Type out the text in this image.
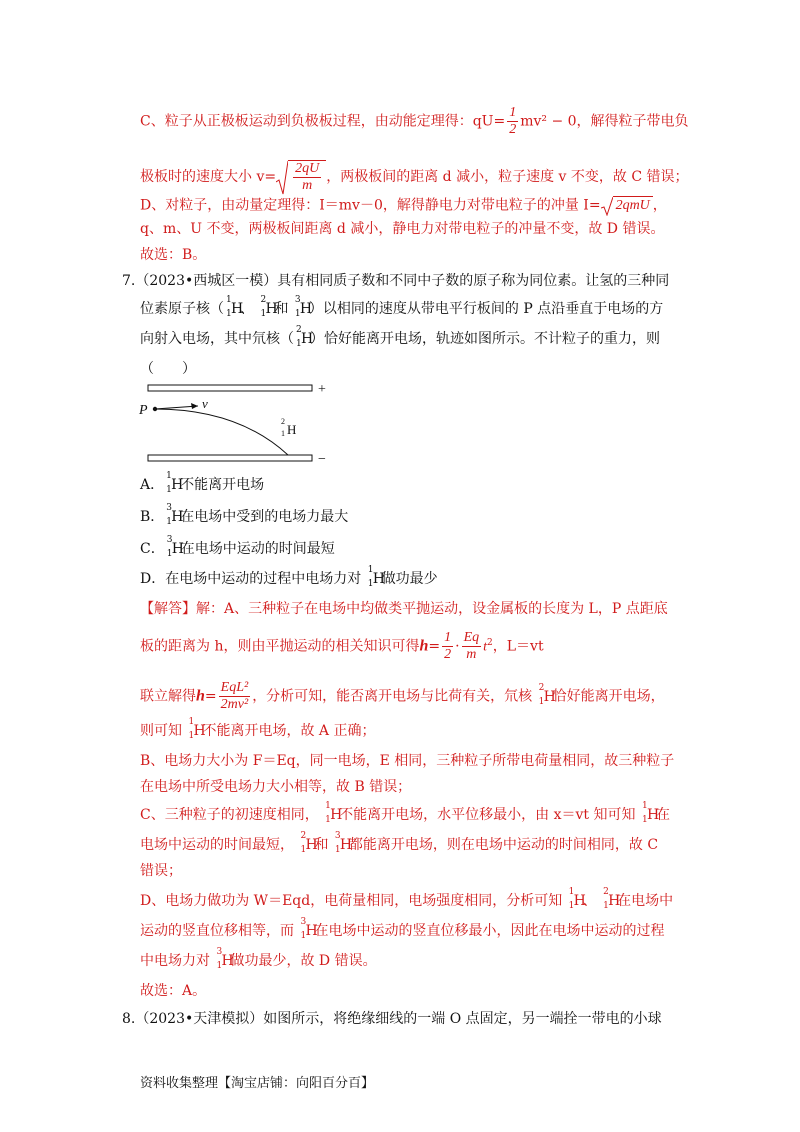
C、粒子从正极板运动到负极板过程，由动能定理得：$qU= \frac{1}{2} mv^2 - 0$，解得粒子带电负
极板时的速度大小 $v= \frac{2qU}{m}$ ，两极板间的距离 d 减小，粒子速度 v 不变，故 C 错误；
D、对粒子，由动量定理得：I＝mv－0，解得静电力对带电粒子的冲量 I= 2qmU ，
q、m、U 不变，两极板间距离 d 减小，静电力对带电粒子的冲量不变，故 D 错误。
故选：B。
7.（2023•西城区一模）具有相同质子数和不同中子数的原子称为同位素。让氢的三种同
位素原子核（
1
1 H
、
2
1 H
和
3
1 H
）以相同的速度从带电平行板间的 P 点沿垂直于电场的方
向射入电场，其中氘核（
2
1 H
）恰好能离开电场，轨迹如图所示。不计粒子的重力，则
（　　）
+
−
P	v
2
1 H
A．
1
1 H
不能离开电场
B．
3
1 H
在电场中受到的电场力最大
C．
3
1 H
在电场中运动的时间最短
D．在电场中运动的过程中电场力对
1
1 H
做功最少
【解答】解：A、三种粒子在电场中均做类平抛运动，设金属板的长度为 L，P 点距底
板的距离为 h，则由平抛运动的相关知识可得$h= \frac{1}{2} \cdot \frac{Eq}{m} t^2$，L＝vt
联立解得$h= \frac{\text{EqL²}}{\text{2mv²}}$ ，分析可知，能否离开电场与比荷有关，氘核
2
1 H
恰好能离开电场，
则可知
1
1 H
不能离开电场，故 A 正确；
B、电场力大小为 F＝Eq，同一电场，E 相同，三种粒子所带电荷量相同，故三种粒子
在电场中所受电场力大小相等，故 B 错误；
C、三种粒子的初速度相同，
1
1 H
不能离开电场，水平位移最小，由 x＝vt 知可知
1
1 H
在
电场中运动的时间最短，
2
1 H
和
3
1 H
都能离开电场，则在电场中运动的时间相同，故 C
错误；
D、电场力做功为 W＝Eqd，电荷量相同，电场强度相同，分析可知
1
1 H
、
2
1 H
在电场中
运动的竖直位移相等，而
3
1 H
在电场中运动的竖直位移最小，因此在电场中运动的过程
中电场力对
3
1 H
做功最少，故 D 错误。
故选：A。
8.（2023•天津模拟）如图所示，将绝缘细线的一端 O 点固定，另一端拴一带电的小球
资料收集整理【淘宝店铺：向阳百分百】
